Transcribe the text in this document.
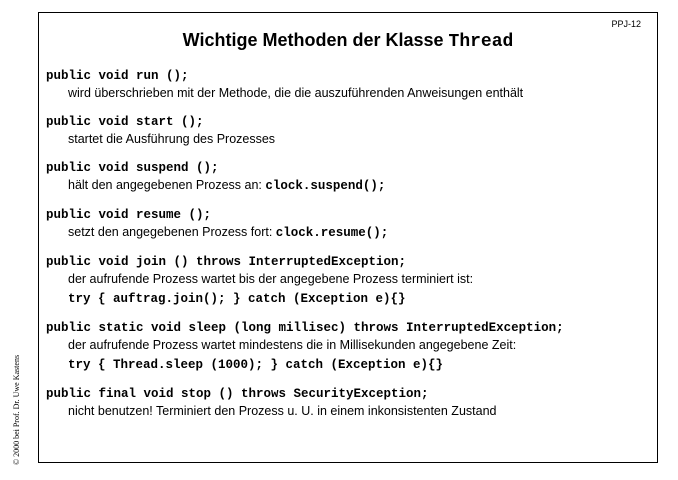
PPJ-12
Wichtige Methoden der Klasse Thread
© 2000 bei Prof. Dr. Uwe Kastens
public void run ();
wird überschrieben mit der Methode, die die auszuführenden Anweisungen enthält
public void start ();
startet die Ausführung des Prozesses
public void suspend ();
hält den angegebenen Prozess an: clock.suspend();
public void resume ();
setzt den angegebenen Prozess fort: clock.resume();
public void join () throws InterruptedException;
der aufrufende Prozess wartet bis der angegebene Prozess terminiert ist:
try { auftrag.join(); } catch (Exception e){}
public static void sleep (long millisec) throws InterruptedException;
der aufrufende Prozess wartet mindestens die in Millisekunden angegebene Zeit:
try { Thread.sleep (1000); } catch (Exception e){}
public final void stop () throws SecurityException;
nicht benutzen! Terminiert den Prozess u. U. in einem inkonsistenten Zustand
